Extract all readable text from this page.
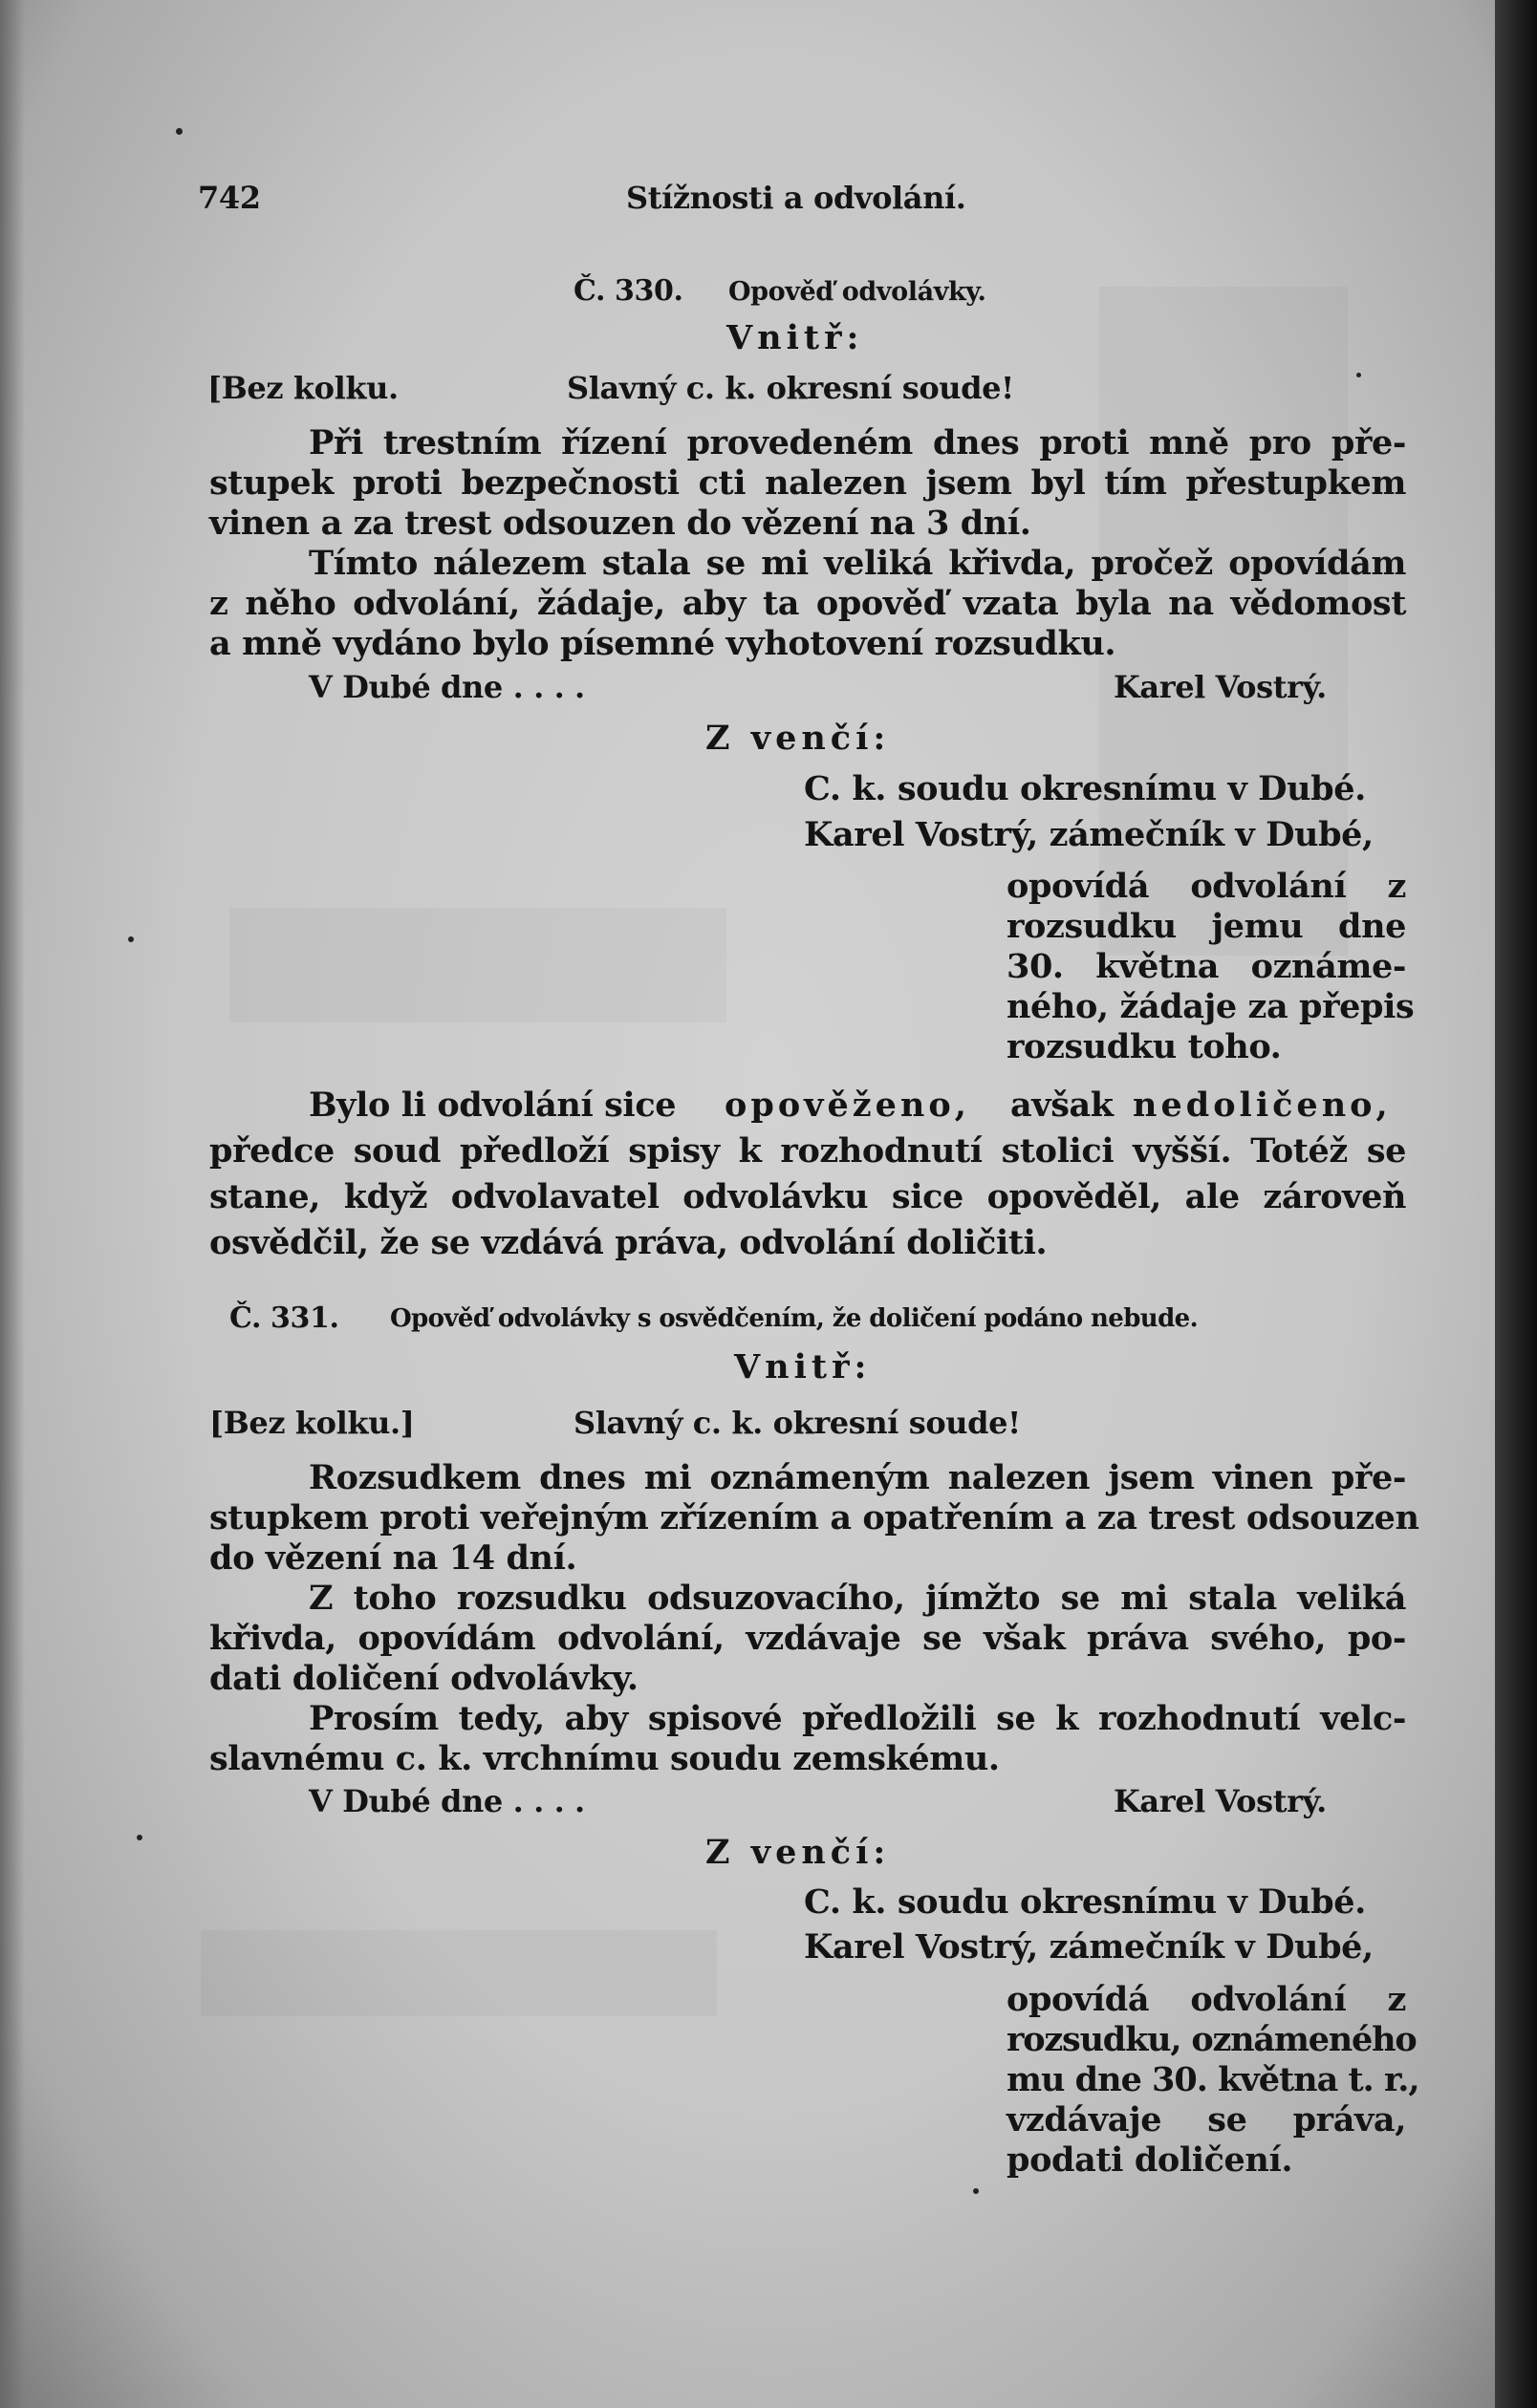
742	Stížnosti a odvolání.
Č. 330. Opověď odvolávky.
Vnitř:
[Bez kolku.	Slavný c. k. okresní soude!
Při trestním řízení provedeném dnes proti mně pro pře-
stupek proti bezpečnosti cti nalezen jsem byl tím přestupkem
vinen a za trest odsouzen do vězení na 3 dní.
Tímto nálezem stala se mi veliká křivda, pročež opovídám
z něho odvolání, žádaje, aby ta opověď vzata byla na vědomost
a mně vydáno bylo písemné vyhotovení rozsudku.
V Dubé dne . . . .	Karel Vostrý.
Z venčí:
C. k. soudu okresnímu v Dubé.
Karel Vostrý, zámečník v Dubé,
opovídá odvolání z
rozsudku jemu dne
30. května oznáme-
ného, žádaje za přepis
rozsudku toho.
Bylo li odvolání sice opověženo, avšak nedoličeno,
předce soud předloží spisy k rozhodnutí stolici vyšší. Totéž se
stane, když odvolavatel odvolávku sice opověděl, ale zároveň
osvědčil, že se vzdává práva, odvolání doličiti.
Č. 331. Opověď odvolávky s osvědčením, že doličení podáno nebude.
Vnitř:
[Bez kolku.]	Slavný c. k. okresní soude!
Rozsudkem dnes mi oznámeným nalezen jsem vinen pře-
stupkem proti veřejným zřízením a opatřením a za trest odsouzen
do vězení na 14 dní.
Z toho rozsudku odsuzovacího, jímžto se mi stala veliká
křivda, opovídám odvolání, vzdávaje se však práva svého, po-
dati doličení odvolávky.
Prosím tedy, aby spisové předložili se k rozhodnutí velc-
slavnému c. k. vrchnímu soudu zemskému.
V Dubé dne . . . .	Karel Vostrý.
Z venčí:
C. k. soudu okresnímu v Dubé.
Karel Vostrý, zámečník v Dubé,
opovídá odvolání z
rozsudku, oznámeného
mu dne 30. května t. r.,
vzdávaje se práva,
podati doličení.
